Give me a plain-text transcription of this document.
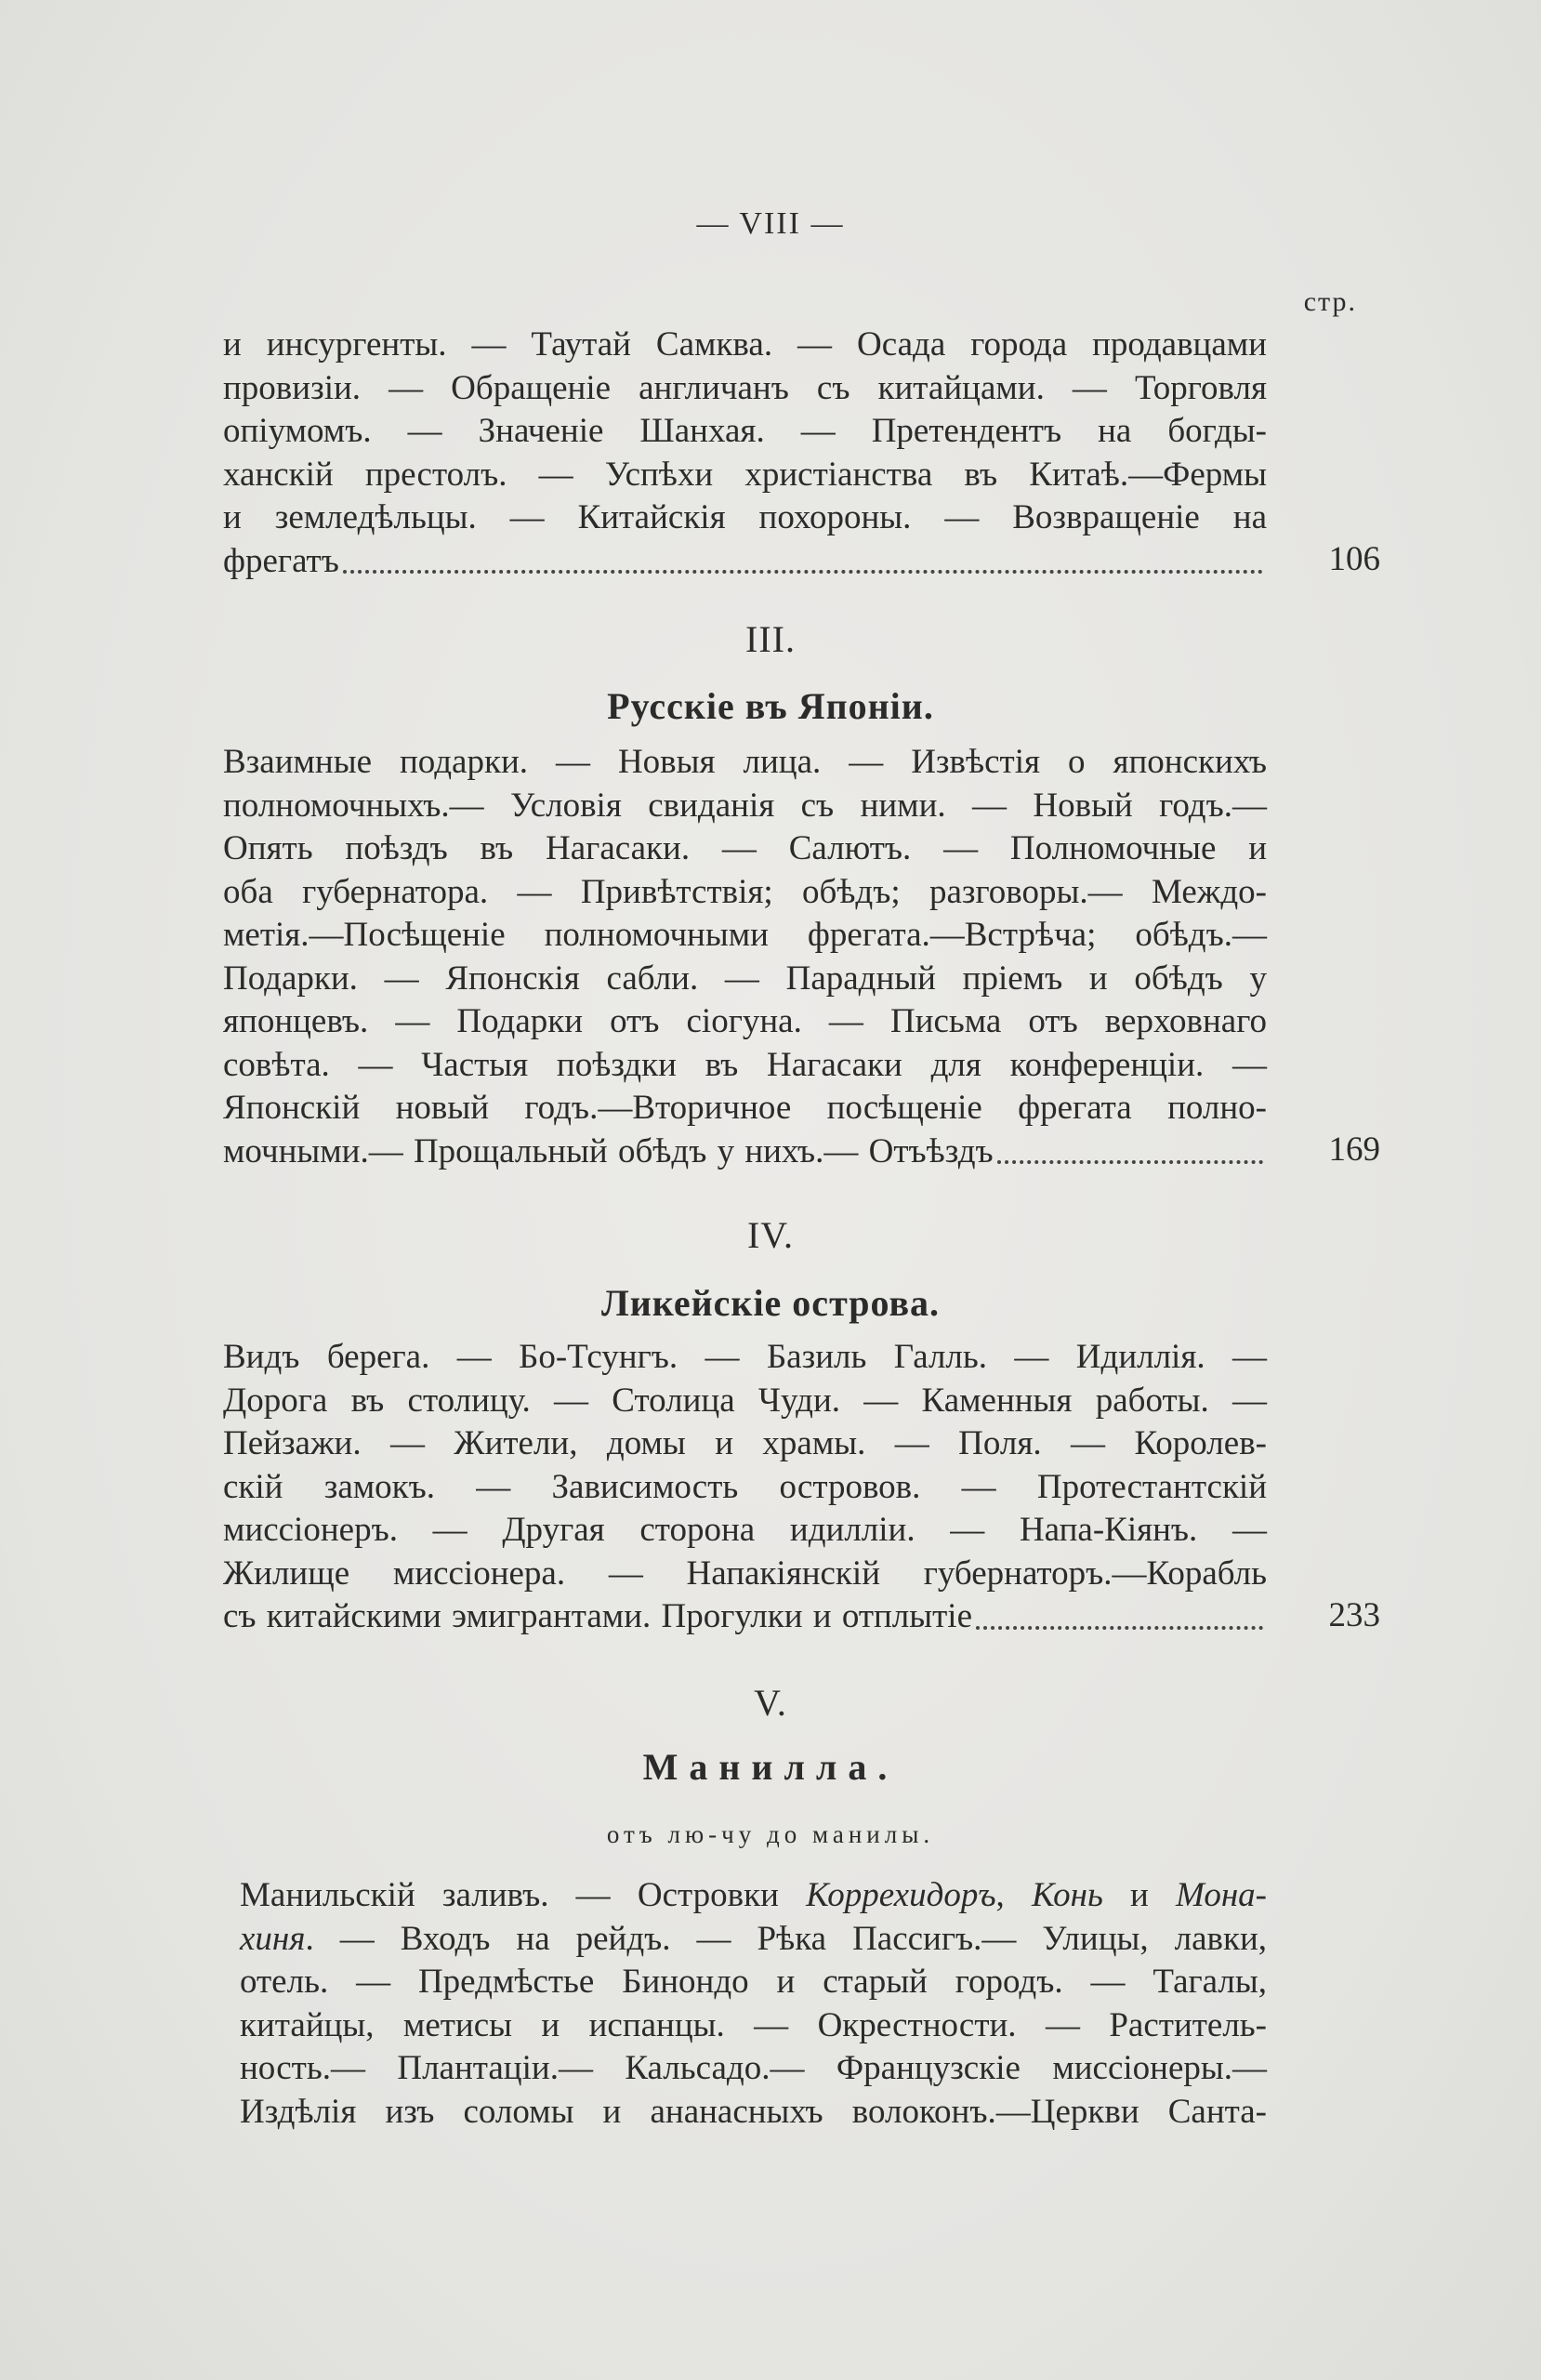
— VIII —
стр.
и инсургенты. — Таутай Самква. — Осада города продавцами
провизіи. — Обращеніе англичанъ съ китайцами. — Торговля
опіумомъ. — Значеніе Шанхая. — Претендентъ на богды-
ханскій престолъ. — Успѣхи христіанства въ Китаѣ.—Фермы
и земледѣльцы. — Китайскія похороны. — Возвращеніе на
фрегатъ	106
III.
Русскіе въ Японіи.
Взаимные подарки. — Новыя лица. — Извѣстія о японскихъ
полномочныхъ.— Условія свиданія съ ними. — Новый годъ.—
Опять поѣздъ въ Нагасаки. — Салютъ. — Полномочные и
оба губернатора. — Привѣтствія; обѣдъ; разговоры.— Междо-
метія.—Посѣщеніе полномочными фрегата.—Встрѣча; обѣдъ.—
Подарки. — Японскія сабли. — Парадный пріемъ и обѣдъ у
японцевъ. — Подарки отъ сіогуна. — Письма отъ верховнаго
совѣта. — Частыя поѣздки въ Нагасаки для конференціи. —
Японскій новый годъ.—Вторичное посѣщеніе фрегата полно-
мочными.— Прощальный обѣдъ у нихъ.— Отъѣздъ	169
IV.
Ликейскіе острова.
Видъ берега. — Бо-Тсунгъ. — Базиль Галль. — Идиллія. —
Дорога въ столицу. — Столица Чуди. — Каменныя работы. —
Пейзажи. — Жители, домы и храмы. — Поля. — Королев-
скій замокъ. — Зависимость островов. — Протестантскій
миссіонеръ. — Другая сторона идилліи. — Напа-Кіянъ. —
Жилище миссіонера. — Напакіянскій губернаторъ.—Корабль
съ китайскими эмигрантами. Прогулки и отплытіе	233
V.
Манилла.
отъ лю-чу до манилы.
Манильскій заливъ. — Островки Коррехидоръ, Конь и Мона-
хиня. — Входъ на рейдъ. — Рѣка Пассигъ.— Улицы, лавки,
отель. — Предмѣстье Бинондо и старый городъ. — Тагалы,
китайцы, метисы и испанцы. — Окрестности. — Раститель-
ность.— Плантаціи.— Кальсадо.— Французскіе миссіонеры.—
Издѣлія изъ соломы и ананасныхъ волоконъ.—Церкви Санта-
